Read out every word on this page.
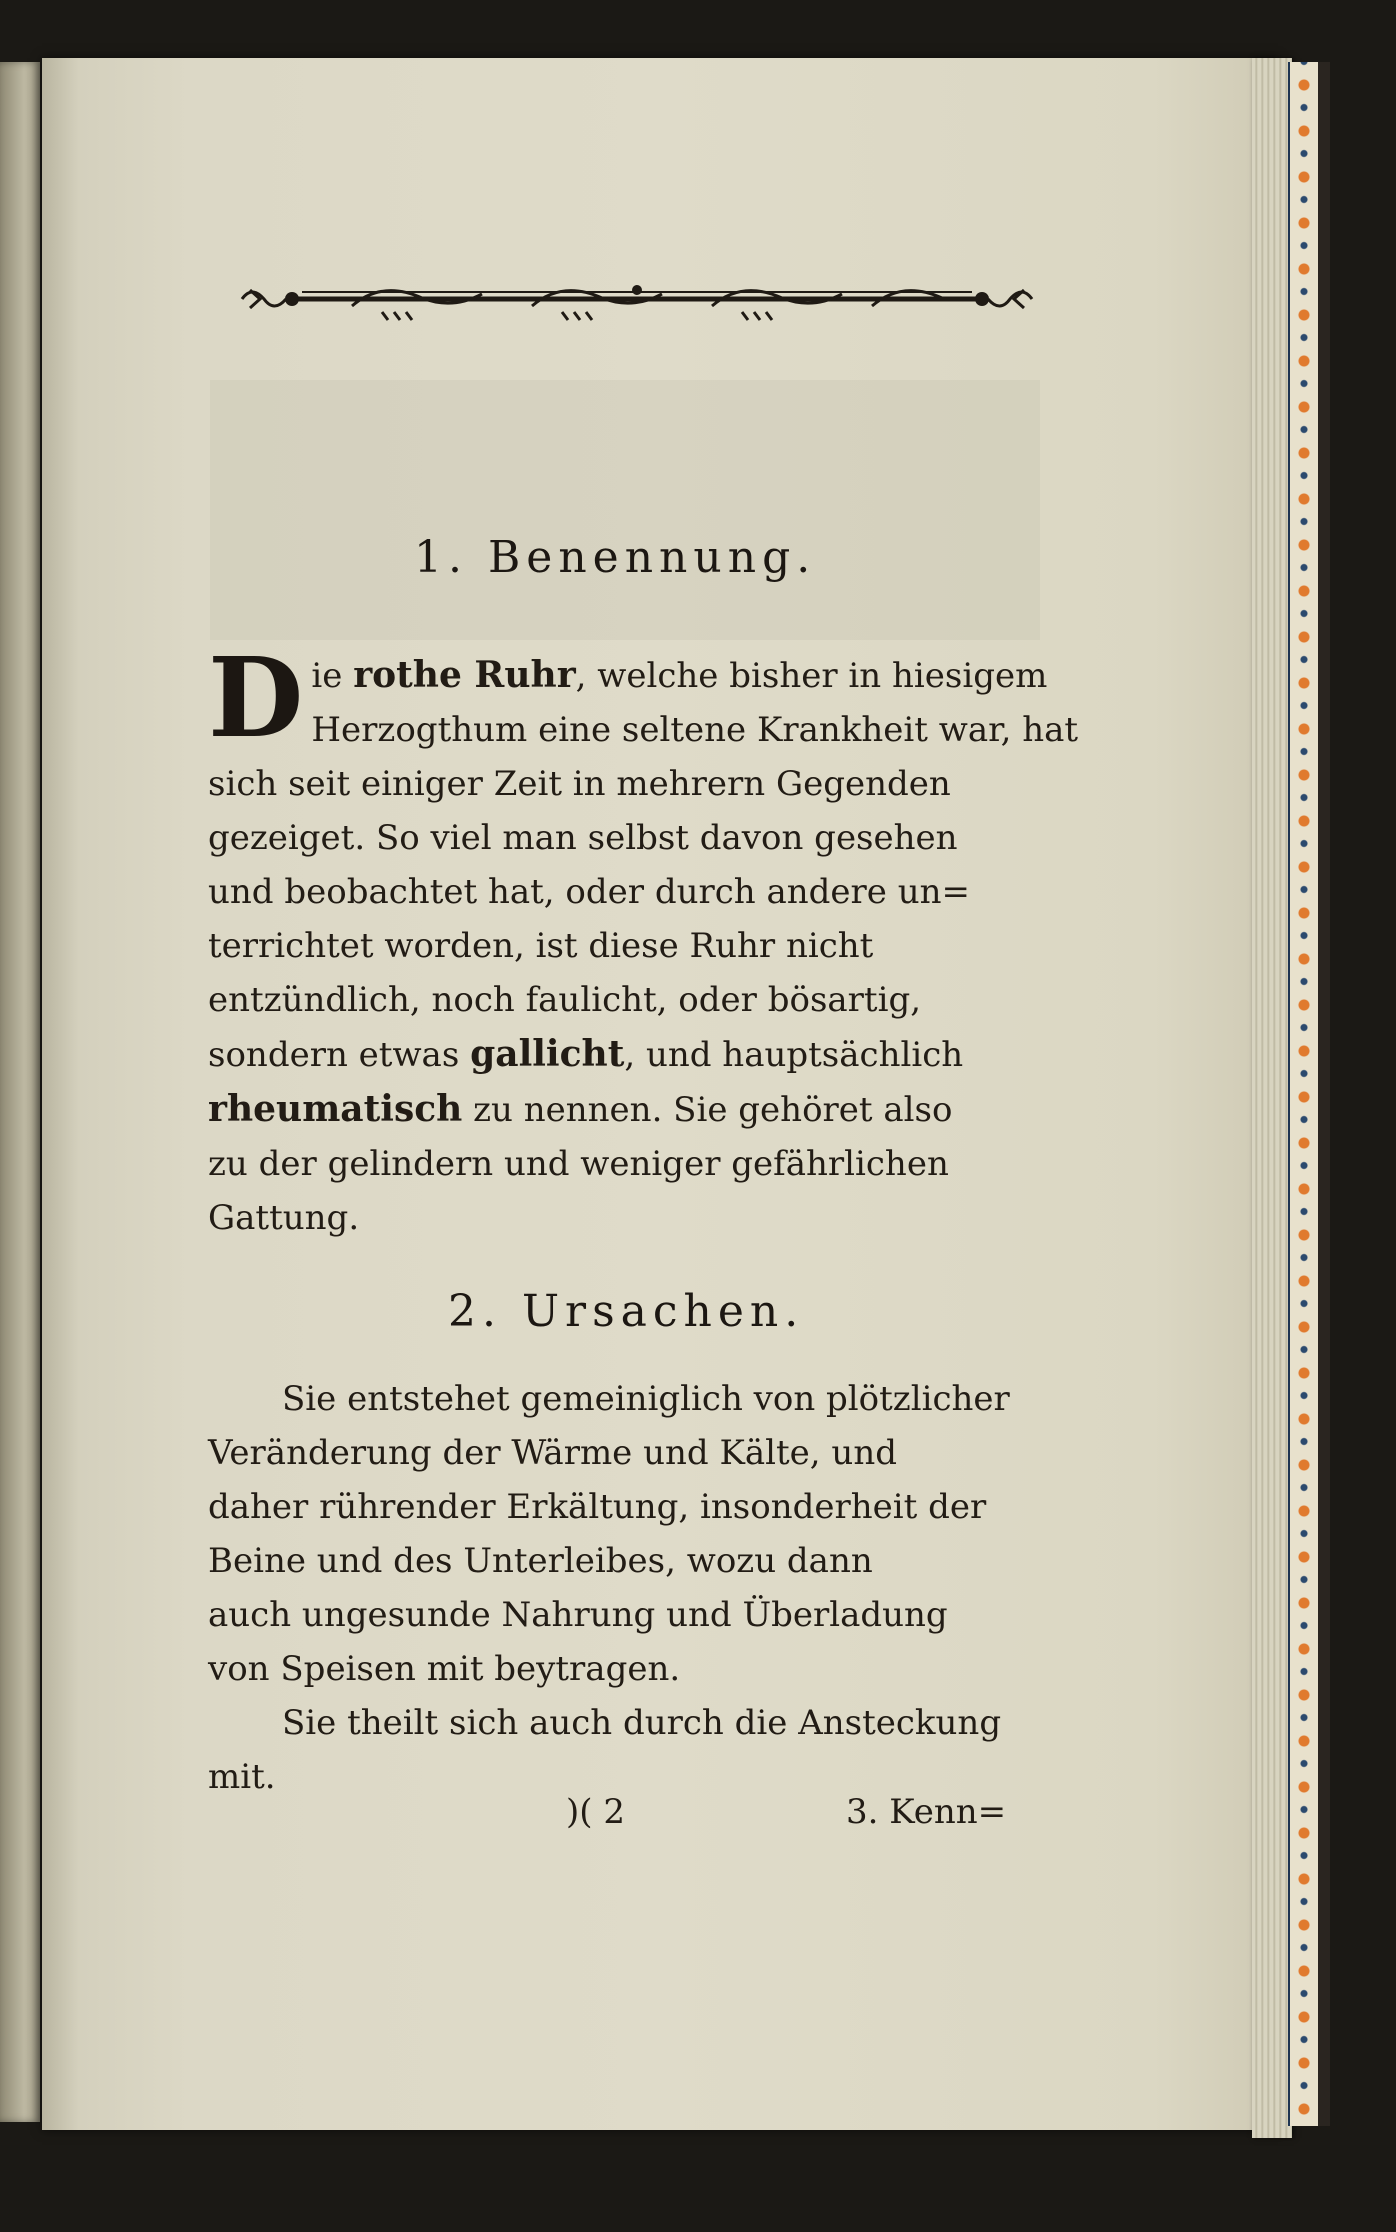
1. Benennung.
D ie rothe Ruhr, welche bisher in hiesigem
Herzogthum eine seltene Krankheit war, hat
sich seit einiger Zeit in mehrern Gegenden
gezeiget. So viel man selbst davon gesehen
und beobachtet hat, oder durch andere un=
terrichtet worden, ist diese Ruhr nicht
entzündlich, noch faulicht, oder bösartig,
sondern etwas gallicht, und hauptsächlich
rheumatisch zu nennen. Sie gehöret also
zu der gelindern und weniger gefährlichen
Gattung.
2. Ursachen.
Sie entstehet gemeiniglich von plötzlicher
Veränderung der Wärme und Kälte, und
daher rührender Erkältung, insonderheit der
Beine und des Unterleibes, wozu dann
auch ungesunde Nahrung und Überladung
von Speisen mit beytragen.
Sie theilt sich auch durch die Ansteckung
mit.
)( 2	3. Kenn=
